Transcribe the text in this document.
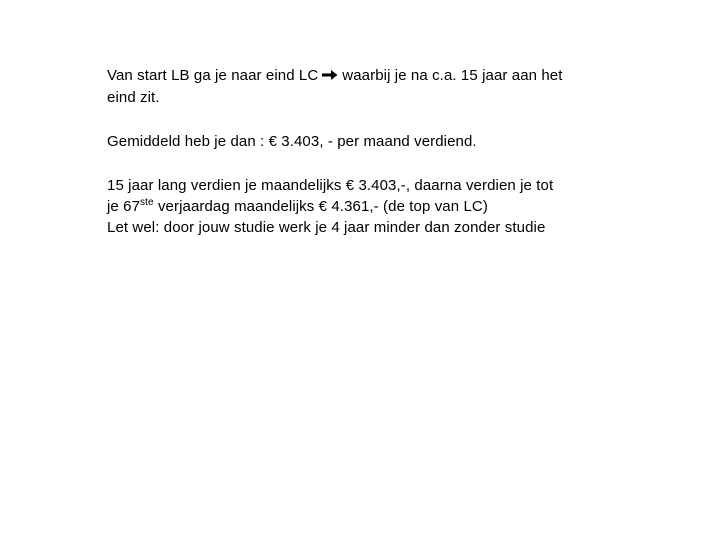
Van start LB ga je naar eind LC waarbij je na c.a. 15 jaar aan het
eind zit.

Gemiddeld heb je dan : € 3.403, - per maand verdiend.

15 jaar lang verdien je maandelijks € 3.403,-, daarna verdien je tot
je 67ste verjaardag maandelijks € 4.361,- (de top van LC)
Let wel: door jouw studie werk je 4 jaar minder dan zonder studie
